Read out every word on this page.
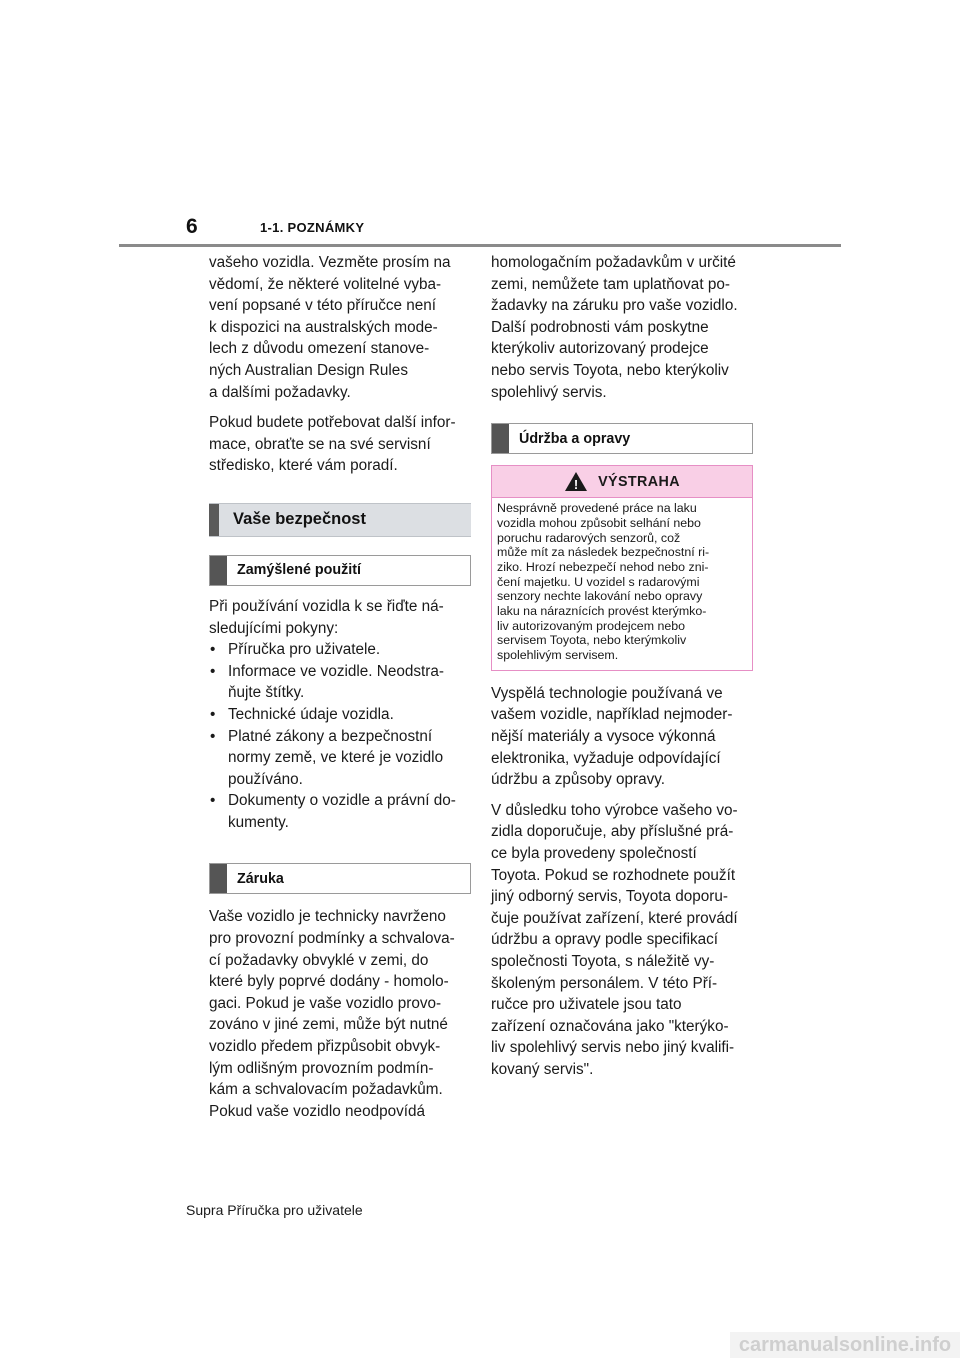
6	1-1. POZNÁMKY

vašeho vozidla. Vezměte prosím na
vědomí, že některé volitelné vyba-
vení popsané v této příručce není
k dispozici na australských mode-
lech z důvodu omezení stanove-
ných Australian Design Rules
a dalšími požadavky.

Pokud budete potřebovat další infor-
mace, obraťte se na své servisní
středisko, které vám poradí.

Vaše bezpečnost
Zamýšlené použití

Při používání vozidla k se řiďte ná-
sledujícími pokyny:

• Příručka pro uživatele.
• Informace ve vozidle. Neodstra-
ňujte štítky.
• Technické údaje vozidla.
• Platné zákony a bezpečnostní
normy země, ve které je vozidlo
používáno.
• Dokumenty o vozidle a právní do-
kumenty.
Záruka

Vaše vozidlo je technicky navrženo
pro provozní podmínky a schvalova-
cí požadavky obvyklé v zemi, do
které byly poprvé dodány - homolo-
gaci. Pokud je vaše vozidlo provo-
zováno v jiné zemi, může být nutné
vozidlo předem přizpůsobit obvyk-
lým odlišným provozním podmín-
kám a schvalovacím požadavkům.
Pokud vaše vozidlo neodpovídá

homologačním požadavkům v určité
zemi, nemůžete tam uplatňovat po-
žadavky na záruku pro vaše vozidlo.
Další podrobnosti vám poskytne
kterýkoliv autorizovaný prodejce
nebo servis Toyota, nebo kterýkoliv
spolehlivý servis.

Údržba a opravy
! VÝSTRAHA
Nesprávně provedené práce na laku
vozidla mohou způsobit selhání nebo
poruchu radarových senzorů, což
může mít za následek bezpečnostní ri-
ziko. Hrozí nebezpečí nehod nebo zni-
čení majetku. U vozidel s radarovými
senzory nechte lakování nebo opravy
laku na náraznících provést kterýmko-
liv autorizovaným prodejcem nebo
servisem Toyota, nebo kterýmkoliv
spolehlivým servisem.

Vyspělá technologie používaná ve
vašem vozidle, například nejmoder-
nější materiály a vysoce výkonná
elektronika, vyžaduje odpovídající
údržbu a způsoby opravy.

V důsledku toho výrobce vašeho vo-
zidla doporučuje, aby příslušné prá-
ce byla provedeny společností
Toyota. Pokud se rozhodnete použít
jiný odborný servis, Toyota doporu-
čuje používat zařízení, které provádí
údržbu a opravy podle specifikací
společnosti Toyota, s náležitě vy-
školeným personálem. V této Pří-
ručce pro uživatele jsou tato
zařízení označována jako "kterýko-
liv spolehlivý servis nebo jiný kvalifi-
kovaný servis".

Supra Příručka pro uživatele
carmanualsonline.info
